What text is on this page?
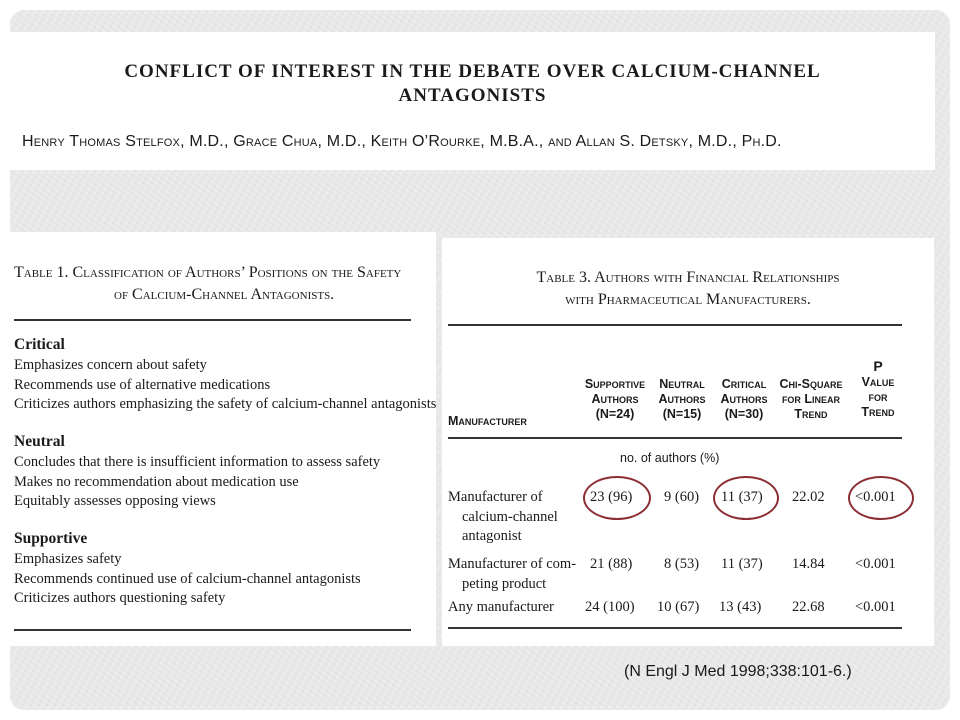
CONFLICT OF INTEREST IN THE DEBATE OVER CALCIUM-CHANNEL
ANTAGONISTS
Henry Thomas Stelfox, M.D., Grace Chua, M.D., Keith O’Rourke, M.B.A., and Allan S. Detsky, M.D., Ph.D.
Table 1. Classification of Authors’ Positions on the Safety
of Calcium-Channel Antagonists.
Critical
Emphasizes concern about safety
Recommends use of alternative medications
Criticizes authors emphasizing the safety of calcium-channel antagonists
Neutral
Concludes that there is insufficient information to assess safety
Makes no recommendation about medication use
Equitably assesses opposing views
Supportive
Emphasizes safety
Recommends continued use of calcium-channel antagonists
Criticizes authors questioning safety
Table 3. Authors with Financial Relationships
with Pharmaceutical Manufacturers.
Manufacturer
Supportive
Authors
(N=24)
Neutral
Authors
(N=15)
Critical
Authors
(N=30)
Chi-Square
for Linear
Trend
P
Value
for
Trend
no. of authors (%)
Manufacturer of
calcium-channel
antagonist
23 (96) 9 (60) 11 (37) 22.02 <0.001
Manufacturer of com-
peting product
21 (88) 8 (53) 11 (37) 14.84 <0.001
Any manufacturer 24 (100) 10 (67) 13 (43) 22.68 <0.001
(N Engl J Med 1998;338:101-6.)
